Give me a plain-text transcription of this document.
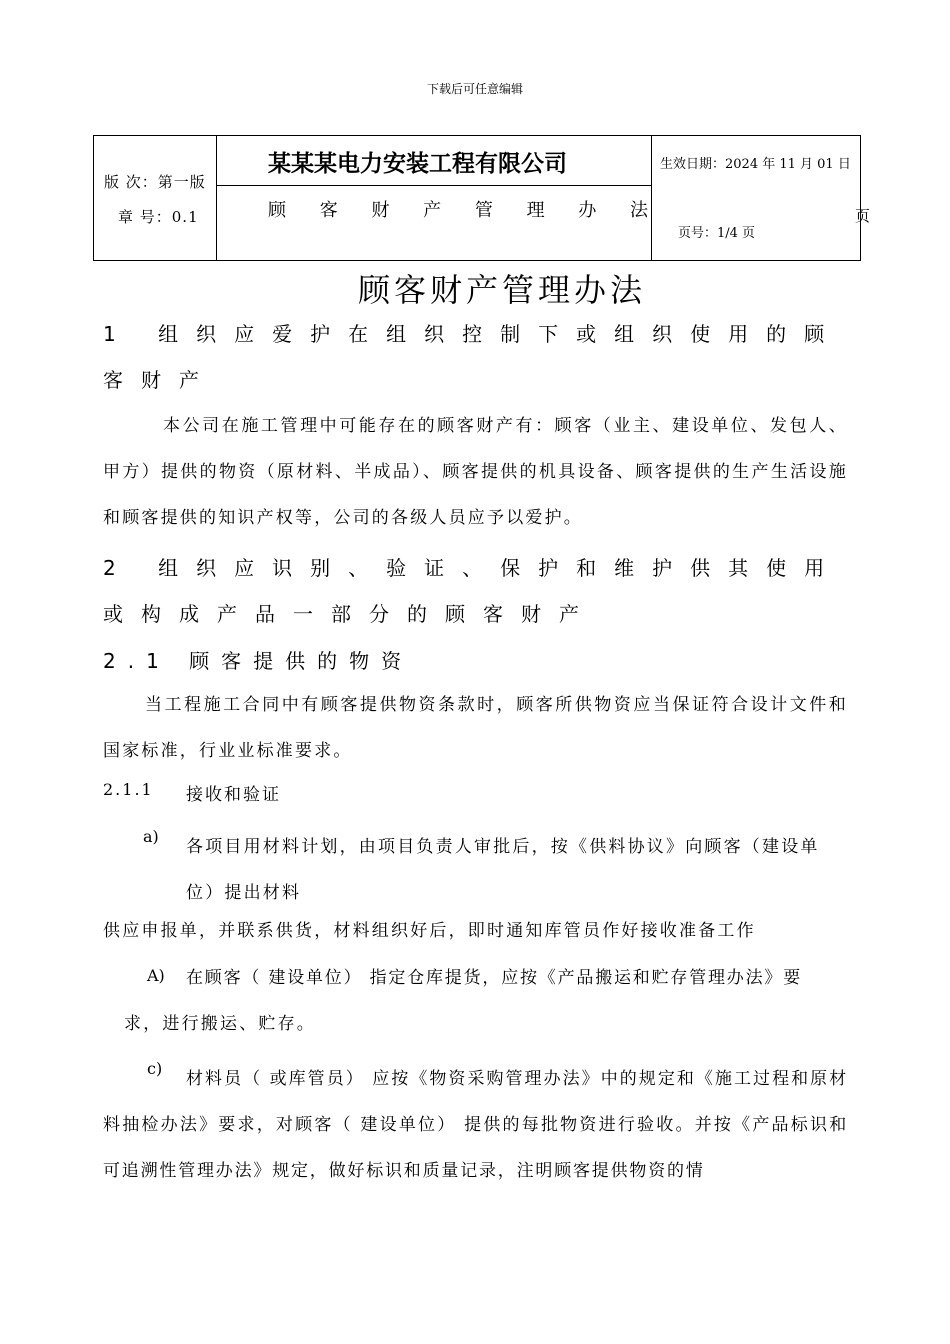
下载后可任意编辑
版 次：第一版
章 号：0.1
某某某电力安装工程有限公司
顾 客 财 产 管 理 办 法
生效日期：2024 年 11 月 01 日
页号：1/4 页
页
顾客财产管理办法
1 组织应爱护在组织控制下或组织使用的顾客财产
本公司在施工管理中可能存在的顾客财产有：顾客（业主、建设单位、发包人、甲方）提供的物资（原材料、半成品）、顾客提供的机具设备、顾客提供的生产生活设施和顾客提供的知识产权等，公司的各级人员应予以爱护。
2 组织应识别、验证、保护和维护供其使用或构成产品一部分的顾客财产
2.1 顾客提供的物资
当工程施工合同中有顾客提供物资条款时，顾客所供物资应当保证符合设计文件和国家标准，行业业标准要求。
2.1.1 接收和验证
a)
各项目用材料计划，由项目负责人审批后，按《供料协议》向顾客（建设单位）提出材料
供应申报单，并联系供货，材料组织好后，即时通知库管员作好接收准备工作
A) 在顾客（ 建设单位） 指定仓库提货，应按《产品搬运和贮存管理办法》要
求，进行搬运、贮存。
c)
材料员（ 或库管员） 应按《物资采购管理办法》中的规定和《施工过程和原材料抽检办法》要求，对顾客（ 建设单位） 提供的每批物资进行验收。并按《产品标识和可追溯性管理办法》规定，做好标识和质量记录，注明顾客提供物资的情
